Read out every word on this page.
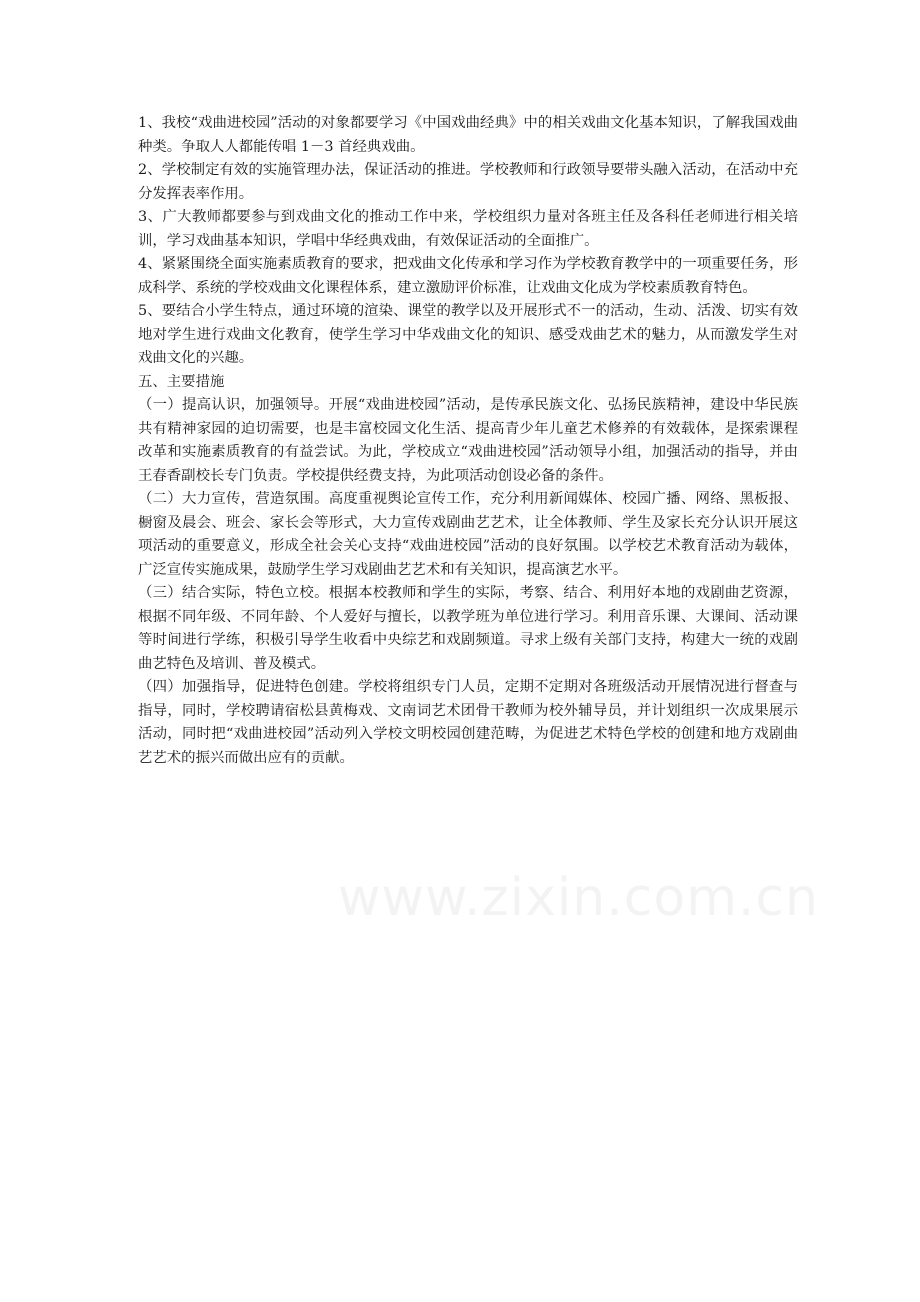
1、我校“戏曲进校园”活动的对象都要学习《中国戏曲经典》中的相关戏曲文化基本知识，了解我国戏曲种类。争取人人都能传唱 1－3 首经典戏曲。

2、学校制定有效的实施管理办法，保证活动的推进。学校教师和行政领导要带头融入活动，在活动中充分发挥表率作用。

3、广大教师都要参与到戏曲文化的推动工作中来，学校组织力量对各班主任及各科任老师进行相关培训，学习戏曲基本知识，学唱中华经典戏曲，有效保证活动的全面推广。

4、紧紧围绕全面实施素质教育的要求，把戏曲文化传承和学习作为学校教育教学中的一项重要任务，形成科学、系统的学校戏曲文化课程体系，建立激励评价标准，让戏曲文化成为学校素质教育特色。

5、要结合小学生特点，通过环境的渲染、课堂的教学以及开展形式不一的活动，生动、活泼、切实有效地对学生进行戏曲文化教育，使学生学习中华戏曲文化的知识、感受戏曲艺术的魅力，从而激发学生对戏曲文化的兴趣。

五、主要措施

（一）提高认识，加强领导。开展“戏曲进校园”活动，是传承民族文化、弘扬民族精神，建设中华民族共有精神家园的迫切需要，也是丰富校园文化生活、提高青少年儿童艺术修养的有效载体，是探索课程改革和实施素质教育的有益尝试。为此，学校成立“戏曲进校园”活动领导小组，加强活动的指导，并由王春香副校长专门负责。学校提供经费支持，为此项活动创设必备的条件。

（二）大力宣传，营造氛围。高度重视舆论宣传工作，充分利用新闻媒体、校园广播、网络、黑板报、橱窗及晨会、班会、家长会等形式，大力宣传戏剧曲艺艺术，让全体教师、学生及家长充分认识开展这项活动的重要意义，形成全社会关心支持“戏曲进校园”活动的良好氛围。以学校艺术教育活动为载体，广泛宣传实施成果，鼓励学生学习戏剧曲艺艺术和有关知识，提高演艺水平。

（三）结合实际，特色立校。根据本校教师和学生的实际，考察、结合、利用好本地的戏剧曲艺资源，根据不同年级、不同年龄、个人爱好与擅长，以教学班为单位进行学习。利用音乐课、大课间、活动课等时间进行学练，积极引导学生收看中央综艺和戏剧频道。寻求上级有关部门支持，构建大一统的戏剧曲艺特色及培训、普及模式。

（四）加强指导，促进特色创建。学校将组织专门人员，定期不定期对各班级活动开展情况进行督查与指导，同时，学校聘请宿松县黄梅戏、文南词艺术团骨干教师为校外辅导员，并计划组织一次成果展示活动，同时把“戏曲进校园”活动列入学校文明校园创建范畴，为促进艺术特色学校的创建和地方戏剧曲艺艺术的振兴而做出应有的贡献。

www.zixin.com.cn
